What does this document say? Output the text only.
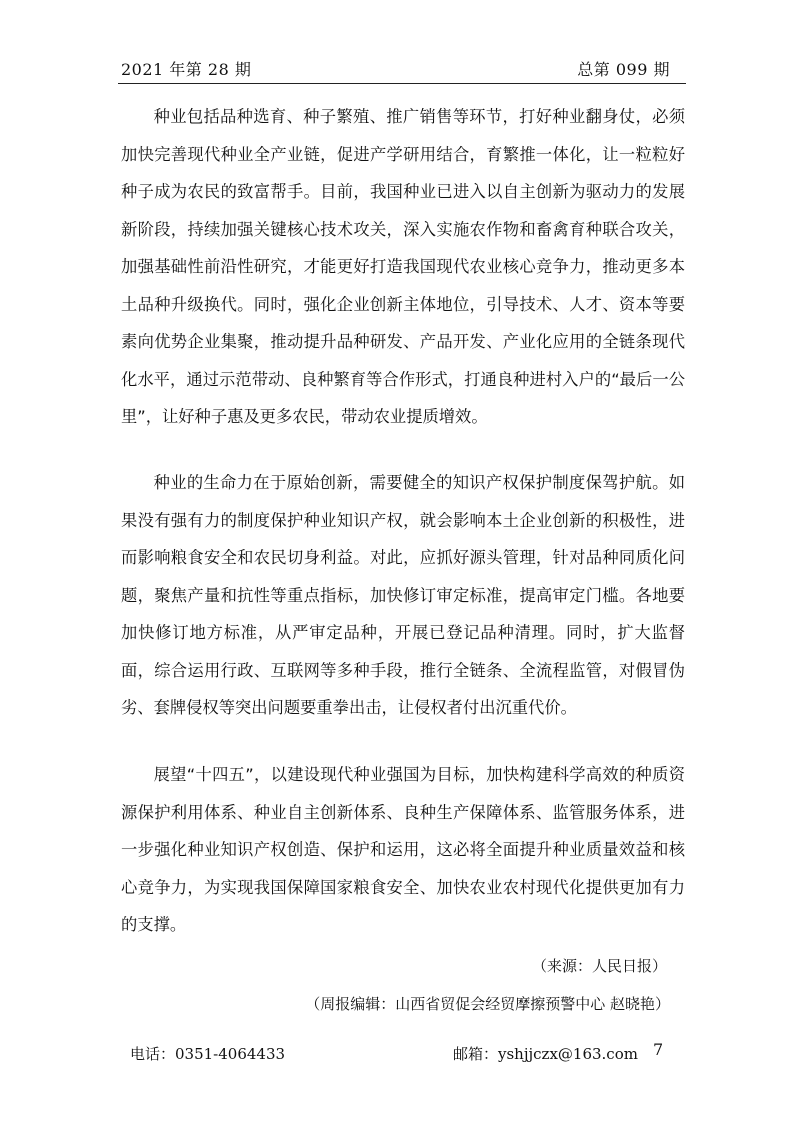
2021 年第 28 期	总第 099 期

种业包括品种选育、种子繁殖、推广销售等环节，打好种业翻身仗，必须加快完善现代种业全产业链，促进产学研用结合，育繁推一体化，让一粒粒好种子成为农民的致富帮手。目前，我国种业已进入以自主创新为驱动力的发展新阶段，持续加强关键核心技术攻关，深入实施农作物和畜禽育种联合攻关，加强基础性前沿性研究，才能更好打造我国现代农业核心竞争力，推动更多本土品种升级换代。同时，强化企业创新主体地位，引导技术、人才、资本等要素向优势企业集聚，推动提升品种研发、产品开发、产业化应用的全链条现代化水平，通过示范带动、良种繁育等合作形式，打通良种进村入户的“最后一公里”，让好种子惠及更多农民，带动农业提质增效。

种业的生命力在于原始创新，需要健全的知识产权保护制度保驾护航。如果没有强有力的制度保护种业知识产权，就会影响本土企业创新的积极性，进而影响粮食安全和农民切身利益。对此，应抓好源头管理，针对品种同质化问题，聚焦产量和抗性等重点指标，加快修订审定标准，提高审定门槛。各地要加快修订地方标准，从严审定品种，开展已登记品种清理。同时，扩大监督面，综合运用行政、互联网等多种手段，推行全链条、全流程监管，对假冒伪劣、套牌侵权等突出问题要重拳出击，让侵权者付出沉重代价。

展望“十四五”，以建设现代种业强国为目标，加快构建科学高效的种质资源保护利用体系、种业自主创新体系、良种生产保障体系、监管服务体系，进一步强化种业知识产权创造、保护和运用，这必将全面提升种业质量效益和核心竞争力，为实现我国保障国家粮食安全、加快农业农村现代化提供更加有力的支撑。

（来源：人民日报）
（周报编辑：山西省贸促会经贸摩擦预警中心 赵晓艳）
电话：0351-4064433	邮箱：yshjjczx@163.com 7
